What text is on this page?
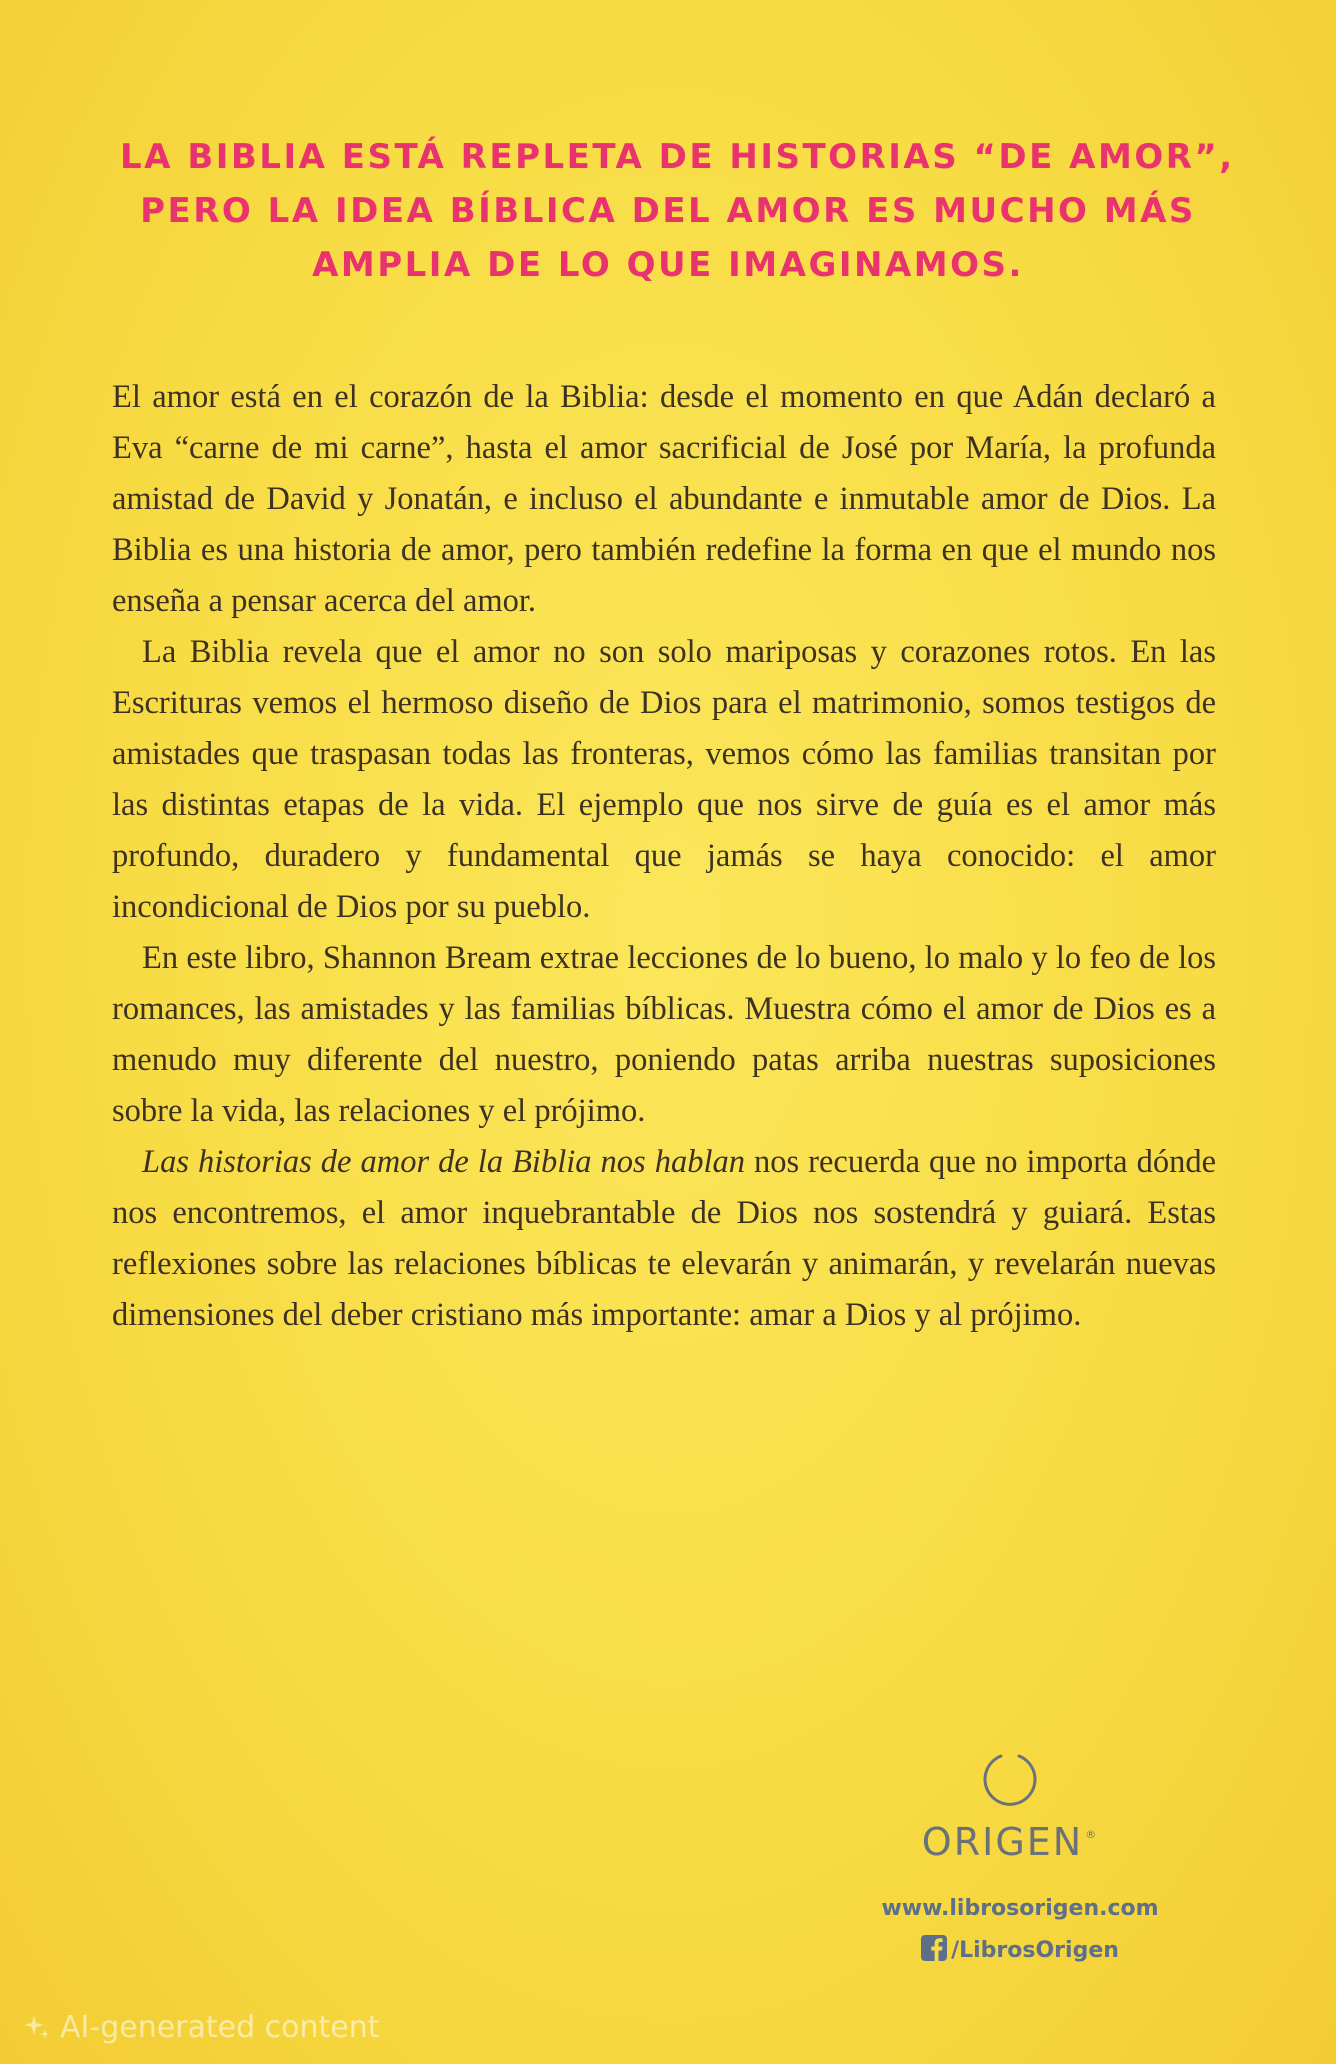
LA BIBLIA ESTÁ REPLETA DE HISTORIAS “DE AMOR”,
PERO LA IDEA BÍBLICA DEL AMOR ES MUCHO MÁS
AMPLIA DE LO QUE IMAGINAMOS.

El amor está en el corazón de la Biblia: desde el momento en que Adán declaró a Eva “carne de mi carne”, hasta el amor sacrificial de José por María, la profunda amistad de David y Jonatán, e incluso el abundante e inmutable amor de Dios. La Biblia es una historia de amor, pero también redefine la forma en que el mundo nos enseña a pensar acerca del amor.

La Biblia revela que el amor no son solo mariposas y corazones rotos. En las Escrituras vemos el hermoso diseño de Dios para el matrimonio, somos testigos de amistades que traspasan todas las fronteras, vemos cómo las familias transitan por las distintas etapas de la vida. El ejemplo que nos sirve de guía es el amor más profundo, duradero y fundamental que jamás se haya conocido: el amor incondicional de Dios por su pueblo.

En este libro, Shannon Bream extrae lecciones de lo bueno, lo malo y lo feo de los romances, las amistades y las familias bíblicas. Muestra cómo el amor de Dios es a menudo muy diferente del nuestro, poniendo patas arriba nuestras suposiciones sobre la vida, las relaciones y el prójimo.

Las historias de amor de la Biblia nos hablan nos recuerda que no importa dónde nos encontremos, el amor inquebrantable de Dios nos sostendrá y guiará. Estas reflexiones sobre las relaciones bíblicas te elevarán y animarán, y revelarán nuevas dimensiones del deber cristiano más importante: amar a Dios y al prójimo.

ORIGEN ®
www.librosorigen.com
/LibrosOrigen
AI-generated content
